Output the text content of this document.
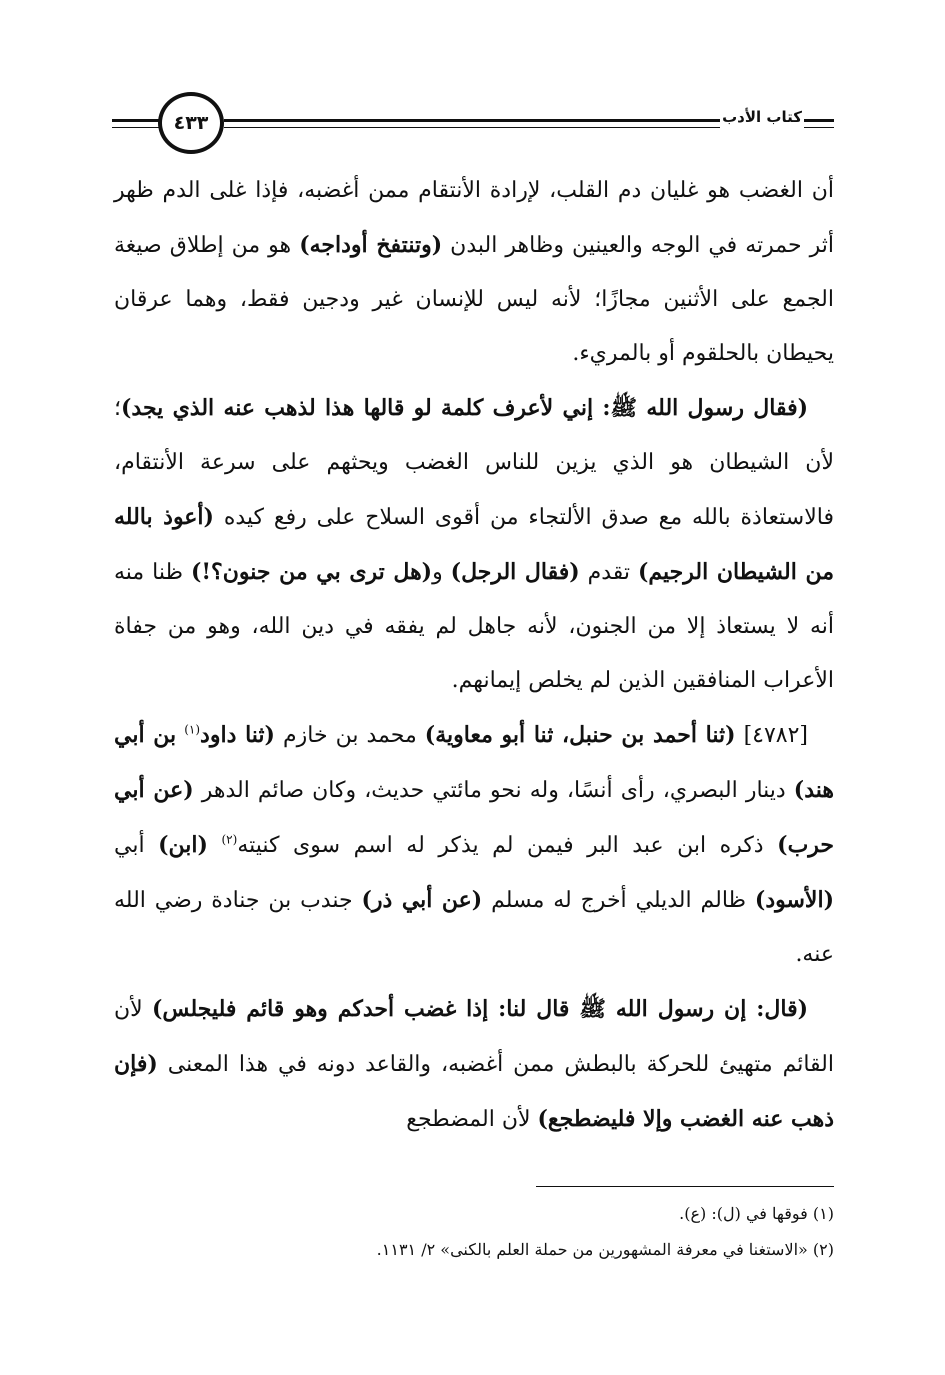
٤٣٣	كتاب الأدب

أن الغضب هو غليان دم القلب، لإرادة الأنتقام ممن أغضبه، فإذا غلى الدم ظهر أثر حمرته في الوجه والعينين وظاهر البدن (وتنتفخ أوداجه) هو من إطلاق صيغة الجمع على الأثنين مجازًا؛ لأنه ليس للإنسان غير ودجين فقط، وهما عرقان يحيطان بالحلقوم أو بالمريء.

(فقال رسول الله ﷺ: إني لأعرف كلمة لو قالها هذا لذهب عنه الذي يجد)؛ لأن الشيطان هو الذي يزين للناس الغضب ويحثهم على سرعة الأنتقام، فالاستعاذة بالله مع صدق الألتجاء من أقوى السلاح على رفع كيده (أعوذ بالله من الشيطان الرجيم) تقدم (فقال الرجل) و(هل ترى بي من جنون؟!) ظنا منه أنه لا يستعاذ إلا من الجنون، لأنه جاهل لم يفقه في دين الله، وهو من جفاة الأعراب المنافقين الذين لم يخلص إيمانهم.

[٤٧٨٢] (ثنا أحمد بن حنبل، ثنا أبو معاوية) محمد بن خازم (ثنا داود$^{(١)}$ بن أبي هند) دينار البصري، رأى أنسًا، وله نحو مائتي حديث، وكان صائم الدهر (عن أبي حرب) ذكره ابن عبد البر فيمن لم يذكر له اسم سوى كنيته$^{(٢)}$ (ابن) أبي (الأسود) ظالم الديلي أخرج له مسلم (عن أبي ذر) جندب بن جنادة رضي الله عنه.

(قال: إن رسول الله ﷺ قال لنا: إذا غضب أحدكم وهو قائم فليجلس) لأن القائم متهيئ للحركة بالبطش ممن أغضبه، والقاعد دونه في هذا المعنى (فإن ذهب عنه الغضب وإلا فليضطجع) لأن المضطجع

(١) فوقها في (ل): (ع).

(٢) «الاستغنا في معرفة المشهورين من حملة العلم بالكنى» ٢/ ١١٣١.
